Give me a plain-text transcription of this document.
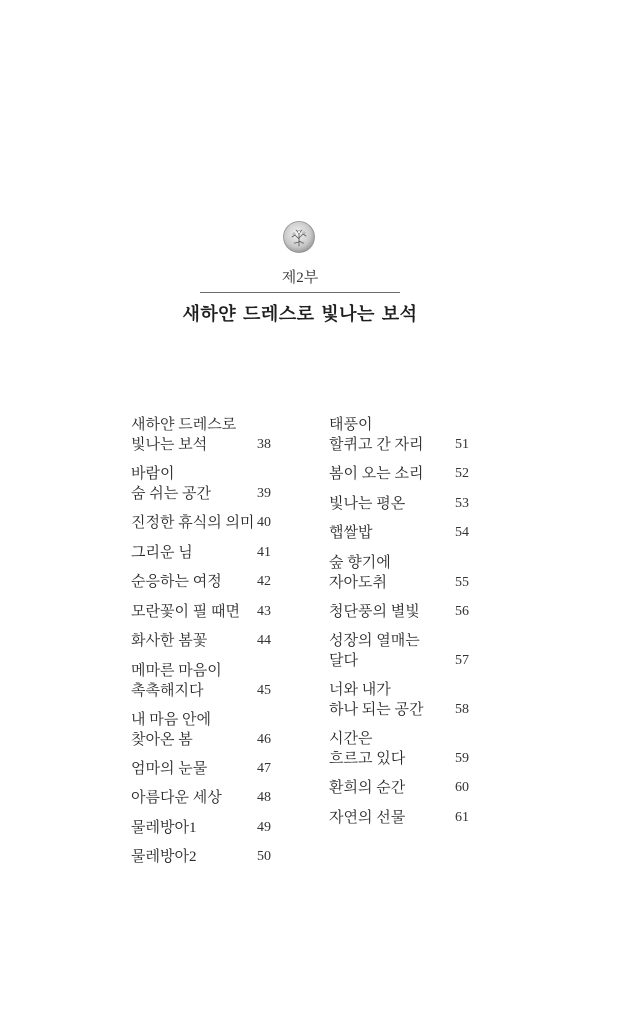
제2부
새하얀 드레스로 빛나는 보석
새하얀 드레스로
빛나는 보석	38
바람이
숨 쉬는 공간	39
진정한 휴식의 의미 40
그리운 님	41
순응하는 여정	42
모란꽃이 필 때면	43
화사한 봄꽃	44
메마른 마음이
촉촉해지다	45
내 마음 안에
찾아온 봄	46
엄마의 눈물	47
아름다운 세상	48
물레방아1	49
물레방아2	50
태풍이
할퀴고 간 자리	51
봄이 오는 소리	52
빛나는 평온	53
햅쌀밥	54
숲 향기에
자아도취	55
청단풍의 별빛	56
성장의 열매는
달다	57
너와 내가
하나 되는 공간	58
시간은
흐르고 있다	59
환희의 순간	60
자연의 선물	61
